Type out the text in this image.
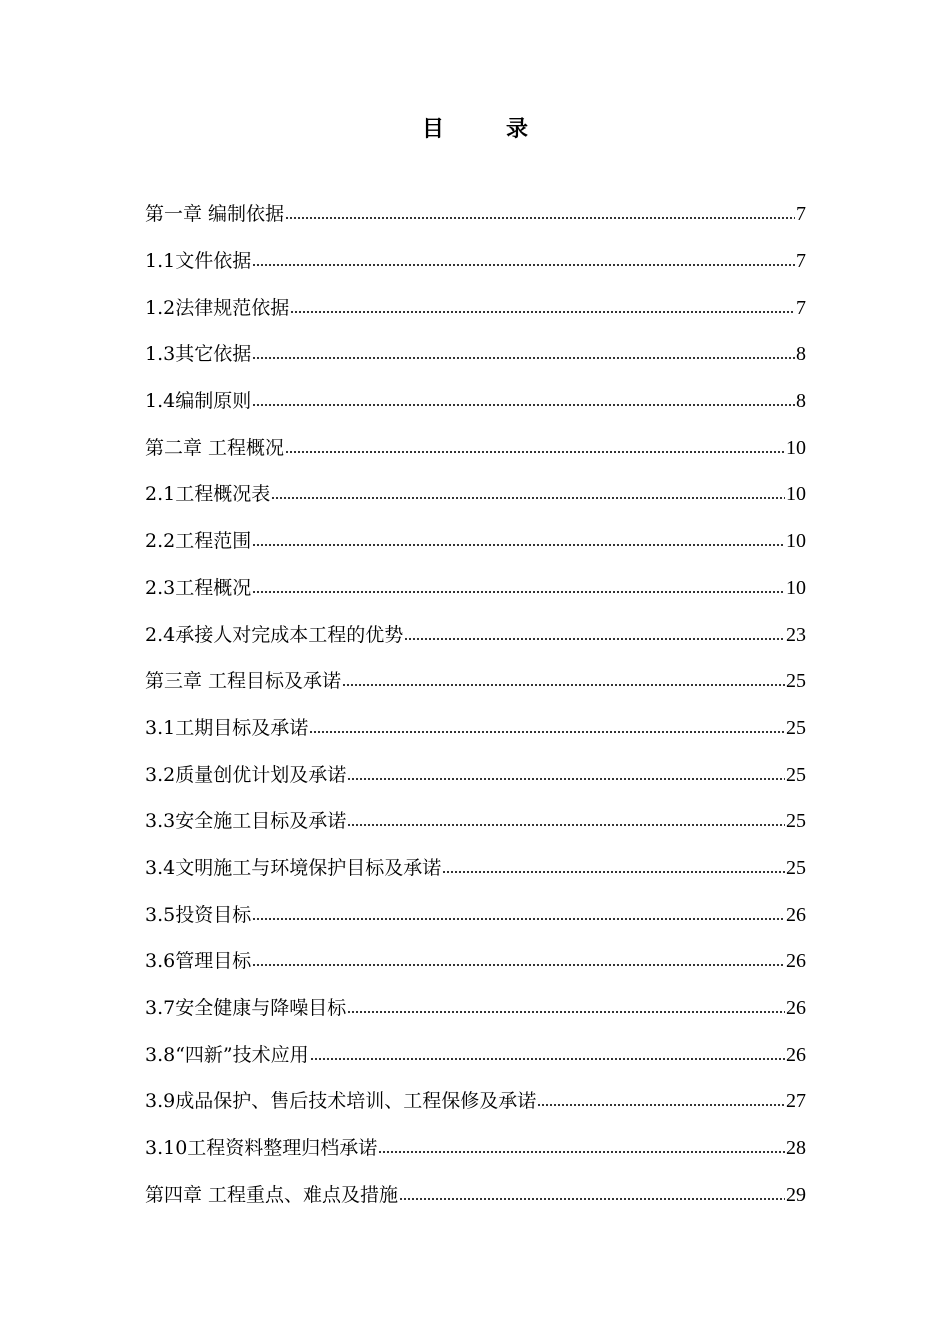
目	录
第一章 编制依据	7
1.1文件依据	7
1.2法律规范依据	7
1.3其它依据	8
1.4编制原则	8
第二章 工程概况	10
2.1工程概况表	10
2.2工程范围	10
2.3工程概况	10
2.4承接人对完成本工程的优势	23
第三章 工程目标及承诺	25
3.1工期目标及承诺	25
3.2质量创优计划及承诺	25
3.3安全施工目标及承诺	25
3.4文明施工与环境保护目标及承诺	25
3.5投资目标	26
3.6管理目标	26
3.7安全健康与降噪目标	26
3.8“四新”技术应用	26
3.9成品保护、售后技术培训、工程保修及承诺	27
3.10工程资料整理归档承诺	28
第四章 工程重点、难点及措施	29
